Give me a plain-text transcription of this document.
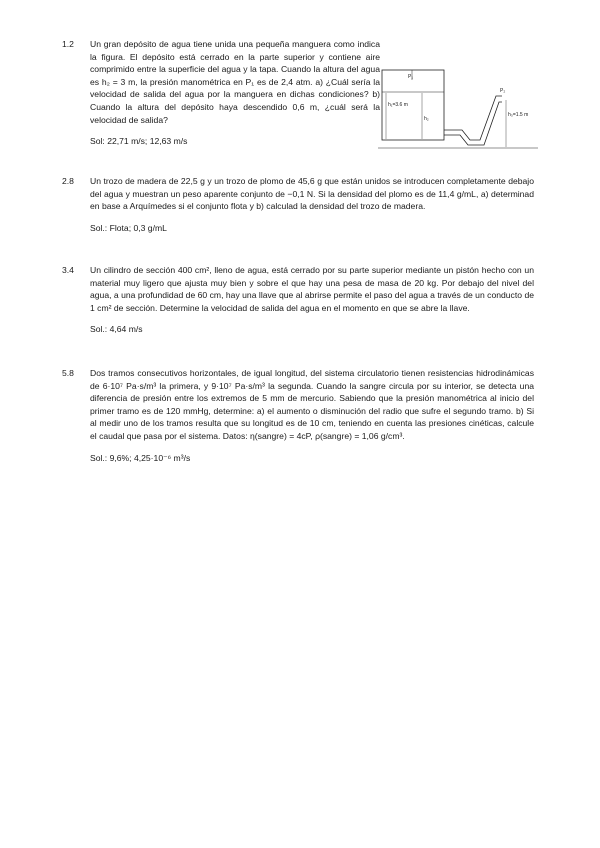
1.2	Un gran depósito de agua tiene unida una pequeña manguera como indica la figura. El depósito está cerrado en la parte superior y contiene aire comprimido entre la superficie del agua y la tapa. Cuando la altura del agua es h₂ = 3 m, la presión manométrica en P₁ es de 2,4 atm. a) ¿Cuál sería la velocidad de salida del agua por la manguera en dichas condiciones? b) Cuando la altura del depósito haya descendido 0,6 m, ¿cuál será la velocidad de salida?
Sol: 22,71 m/s; 12,63 m/s
P₁
h₁=3.6 m
h₂
P₂
h₃=1.5 m
2.8	Un trozo de madera de 22,5 g y un trozo de plomo de 45,6 g que están unidos se introducen completamente debajo del agua y muestran un peso aparente conjunto de −0,1 N. Si la densidad del plomo es de 11,4 g/mL, a) determinad en base a Arquímedes si el conjunto flota y b) calculad la densidad del trozo de madera.
Sol.: Flota; 0,3 g/mL
3.4	Un cilindro de sección 400 cm², lleno de agua, está cerrado por su parte superior mediante un pistón hecho con un material muy ligero que ajusta muy bien y sobre el que hay una pesa de masa de 20 kg. Por debajo del nivel del agua, a una profundidad de 60 cm, hay una llave que al abrirse permite el paso del agua a través de un conducto de 1 cm² de sección. Determine la velocidad de salida del agua en el momento en que se abre la llave.
Sol.: 4,64 m/s
5.8	Dos tramos consecutivos horizontales, de igual longitud, del sistema circulatorio tienen resistencias hidrodinámicas de 6·10⁷ Pa·s/m³ la primera, y 9·10⁷ Pa·s/m³ la segunda. Cuando la sangre circula por su interior, se detecta una diferencia de presión entre los extremos de 5 mm de mercurio. Sabiendo que la presión manométrica al inicio del primer tramo es de 120 mmHg, determine: a) el aumento o disminución del radio que sufre el segundo tramo. b) Si al medir uno de los tramos resulta que su longitud es de 10 cm, teniendo en cuenta las presiones cinéticas, calcule el caudal que pasa por el sistema. Datos: η(sangre) = 4cP, ρ(sangre) = 1,06 g/cm³.
Sol.: 9,6%; 4,25·10⁻⁶ m³/s
